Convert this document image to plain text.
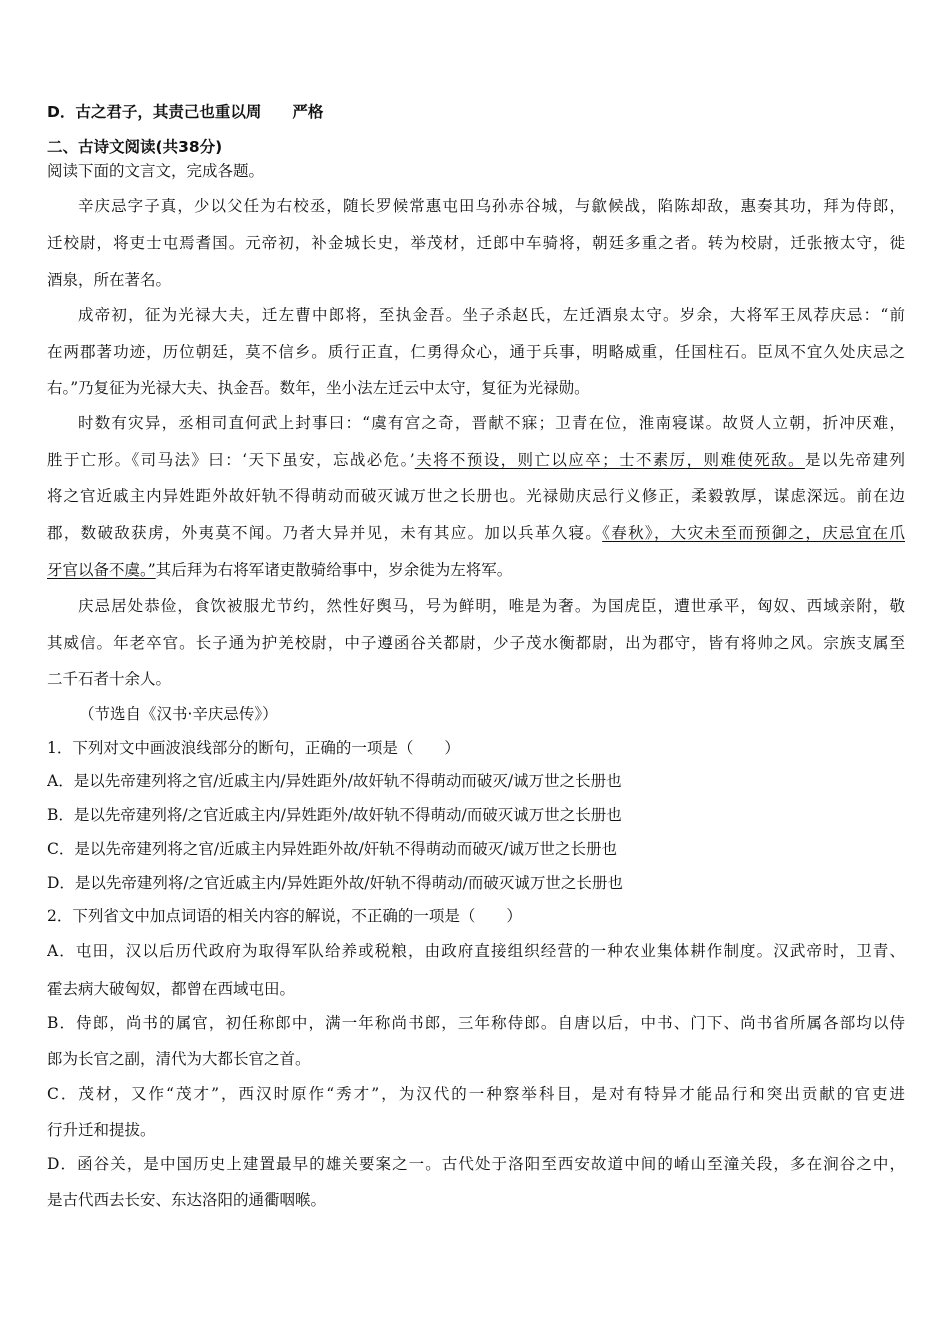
D．古之君子，其责己也重以周　　严格
二、古诗文阅读(共38分)
阅读下面的文言文，完成各题。
辛庆忌字子真，少以父任为右校丞，随长罗候常惠屯田乌孙赤谷城，与歙候战，陷陈却敌，惠奏其功，拜为侍郎，
迁校尉，将吏士屯焉耆国。元帝初，补金城长史，举茂材，迁郎中车骑将，朝廷多重之者。转为校尉，迁张掖太守，徙
酒泉，所在著名。
成帝初，征为光禄大夫，迁左曹中郎将，至执金吾。坐子杀赵氏，左迁酒泉太守。岁余，大将军王凤荐庆忌：“前
在两郡著功迹，历位朝廷，莫不信乡。质行正直，仁勇得众心，通于兵事，明略威重，任国柱石。臣凤不宜久处庆忌之
右。”乃复征为光禄大夫、执金吾。数年，坐小法左迁云中太守，复征为光禄勋。
时数有灾异，丞相司直何武上封事曰：“虞有宫之奇，晋献不寐；卫青在位，淮南寝谋。故贤人立朝，折冲厌难，
胜于亡形。《司马法》曰：‘天下虽安，忘战必危。’夫将不预设，则亡以应卒；士不素厉，则难使死敌。是以先帝建列
将之官近戚主内异姓距外故奸轨不得萌动而破灭诚万世之长册也。光禄勋庆忌行义修正，柔毅敦厚，谋虑深远。前在边
郡，数破敌获虏，外夷莫不闻。乃者大异并见，未有其应。加以兵革久寝。《春秋》，大灾未至而预御之，庆忌宜在爪
牙官以备不虞。”其后拜为右将军诸吏散骑给事中，岁余徙为左将军。
庆忌居处恭俭，食饮被服尤节约，然性好舆马，号为鲜明，唯是为奢。为国虎臣，遭世承平，匈奴、西域亲附，敬
其威信。年老卒官。长子通为护羌校尉，中子遵函谷关都尉，少子茂水衡都尉，出为郡守，皆有将帅之风。宗族支属至
二千石者十余人。
（节选自《汉书·辛庆忌传》）
1．下列对文中画波浪线部分的断句，正确的一项是（　　）
A．是以先帝建列将之官/近戚主内/异姓距外/故奸轨不得萌动而破灭/诚万世之长册也
B．是以先帝建列将/之官近戚主内/异姓距外/故奸轨不得萌动/而破灭诚万世之长册也
C．是以先帝建列将之官/近戚主内异姓距外故/奸轨不得萌动而破灭/诚万世之长册也
D．是以先帝建列将/之官近戚主内/异姓距外故/奸轨不得萌动/而破灭诚万世之长册也
2．下列省文中加点词语的相关内容的解说，不正确的一项是（　　）
A．屯田，汉以后历代政府为取得军队给养或税粮，由政府直接组织经营的一种农业集体耕作制度。汉武帝时，卫青、
霍去病大破匈奴，都曾在西域屯田。
B．侍郎，尚书的属官，初任称郎中，满一年称尚书郎，三年称侍郎。自唐以后，中书、门下、尚书省所属各部均以侍
郎为长官之副，清代为大都长官之首。
C．茂材，又作“茂才”，西汉时原作“秀才”，为汉代的一种察举科目，是对有特异才能品行和突出贡献的官吏进
行升迁和提拔。
D．函谷关，是中国历史上建置最早的雄关要案之一。古代处于洛阳至西安故道中间的崤山至潼关段，多在涧谷之中，
是古代西去长安、东达洛阳的通衢咽喉。
